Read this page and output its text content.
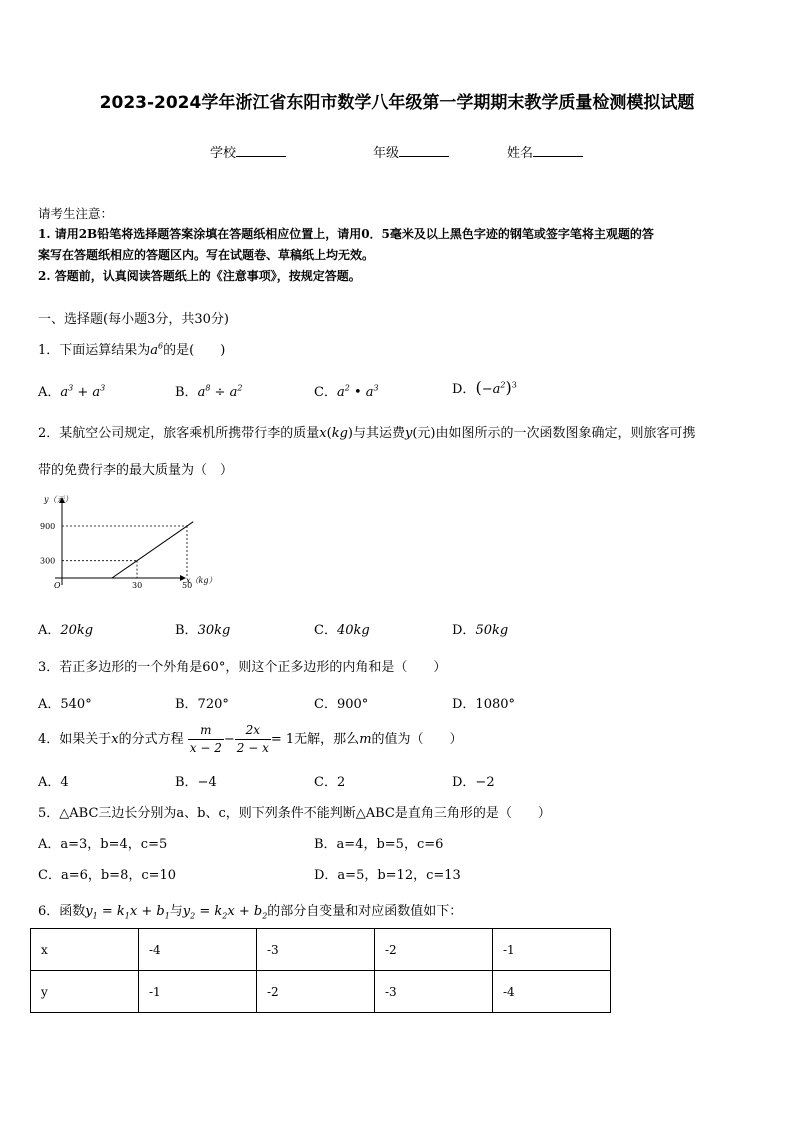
2023-2024学年浙江省东阳市数学八年级第一学期期末教学质量检测模拟试题
学校	年级	姓名
请考生注意：
1. 请用2B铅笔将选择题答案涂填在答题纸相应位置上，请用0．5毫米及以上黑色字迹的钢笔或签字笔将主观题的答
案写在答题纸相应的答题区内。写在试题卷、草稿纸上均无效。
2. 答题前，认真阅读答题纸上的《注意事项》，按规定答题。
一、选择题(每小题3分，共30分)
1．下面运算结果为$a^6$的是(　　)
A．$a^3 + a^3$	B．$a^8 \div a^2$	C．$a^2$ • $a^3$	D．$(-a^2)^3$
2．某航空公司规定，旅客乘机所携带行李的质量x(kg)与其运费y(元)由如图所示的一次函数图象确定，则旅客可携
带的免费行李的最大质量为（　）
y（元）
x（kg）
O	30	50
300
900
A．20kg	B．30kg	C．40kg	D．50kg
3．若正多边形的一个外角是60°，则这个正多边形的内角和是（　　）
A．540°	B．720°	C．900°	D．1080°
4．如果关于x的分式方程 $\frac{m}{x - 2} - \frac{2x}{2 - x} = 1$无解，那么m的值为（　　）
A．4	B．−4	C．2	D．−2
5．△ABC三边长分别为a、b、c，则下列条件不能判断△ABC是直角三角形的是（　　）
A．a=3，b=4，c=5	B．a=4，b=5，c=6
C．a=6，b=8，c=10	D．a=5，b=12，c=13
6．函数$y_1 = k_1x + b_1$与$y_2 = k_2x + b_2$的部分自变量和对应函数值如下：
x	-4	-3	-2	-1
y	-1	-2	-3	-4
